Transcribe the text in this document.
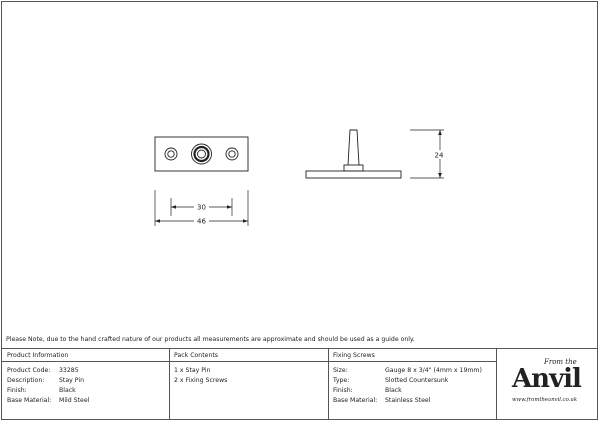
30
46
24
Please Note, due to the hand crafted nature of our products all measurements are approximate and should be used as a guide only.
Product Information
Product Code: 33285
Description: Stay Pin
Finish:	Black
Base Material: Mild Steel
Pack Contents
1 x Stay Pin
2 x Fixing Screws
Fixing Screws
Size:	Gauge 8 x 3/4" (4mm x 19mm)
Type:	Slotted Countersunk
Finish:	Black
Base Material: Stainless Steel
From the
Anvil
www.fromtheanvil.co.uk
